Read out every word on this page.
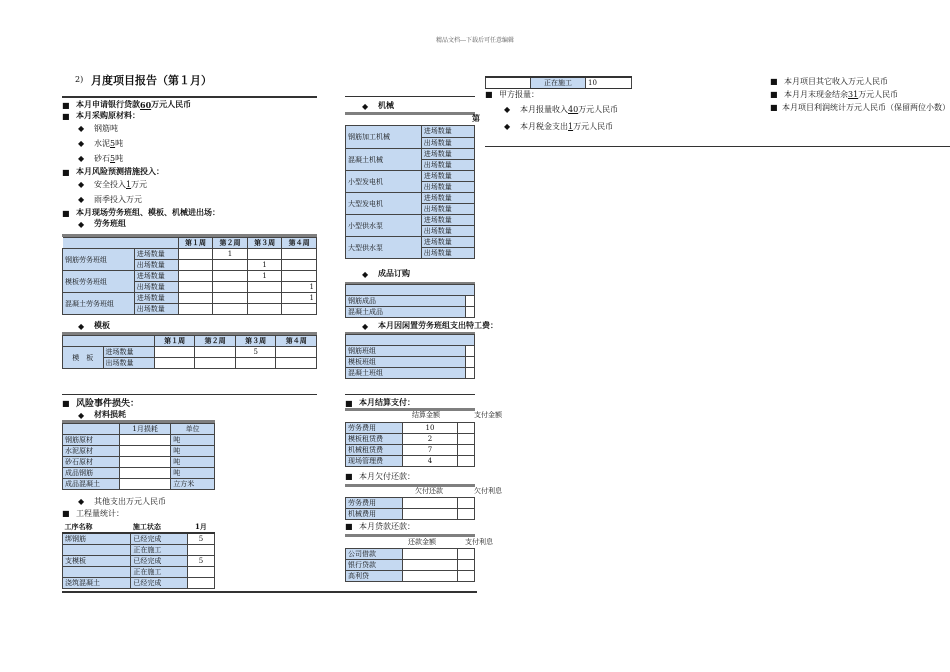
精品文档---下载后可任意编辑
2) 月度项目报告（第１月）
■ 本月申请银行贷款 60 万元人民币
■ 本月采购原材料：
◆	钢筋吨
◆	水泥 5 吨
◆	砂石 5 吨
■ 本月风险预测措施投入：
◆	安全投入 1 万元
◆	雨季投入万元
■ 本月现场劳务班组、模板、机械进出场：
◆	劳务班组
		第１周	第２周	第３周	第４周
钢筋劳务班组	进场数量		1		
	出场数量			1	
模板劳务班组	进场数量			1	
	出场数量				1
混凝土劳务班组	进场数量				1
	出场数量				
◆	模板
		第１周	第２周	第３周	第４周
模　板	进场数量			5	
	出场数量				
■ 风险事件损失：
◆	材料损耗
	1月损耗	单位
钢筋原材		吨
水泥原材		吨
砂石原材		吨
成品钢筋		吨
成品混凝土		立方米
◆	其他支出万元人民币
■ 工程量统计：
工序名称	施工状态	1月
绑钢筋	已经完成	5
	正在施工	
支模板	已经完成	5
	正在施工	
浇筑混凝土	已经完成	
◆	机械
第
钢筋加工机械	进场数量
	出场数量
混凝土机械	进场数量
	出场数量
小型发电机	进场数量
	出场数量
大型发电机	进场数量
	出场数量
小型供水泵	进场数量
	出场数量
大型供水泵	进场数量
	出场数量
◆	成品订购

钢筋成品	
混凝土成品	
◆	本月因闲置劳务班组支出特工费：

钢筋班组	
模板班组	
混凝土班组	
■ 本月结算支付：
结算金额	支付金额
劳务费用	10	
模板租赁费	2	
机械租赁费	7	
现场管理费	4	
■ 本月欠付还款：
欠付还款	欠付利息
劳务费用		
机械费用		
■ 本月贷款还款：
还款金额	支付利息
公司借款		
银行贷款		
高利贷		
	正在施工	10
■ 甲方报量：
◆	本月报量收入 40 万元人民币
◆	本月税金支出 1 万元人民币
■ 本月项目其它收入万元人民币
■ 本月月末现金结余 31 万元人民币
■ 本月项目利润统计万元人民币（保留两位小数）
